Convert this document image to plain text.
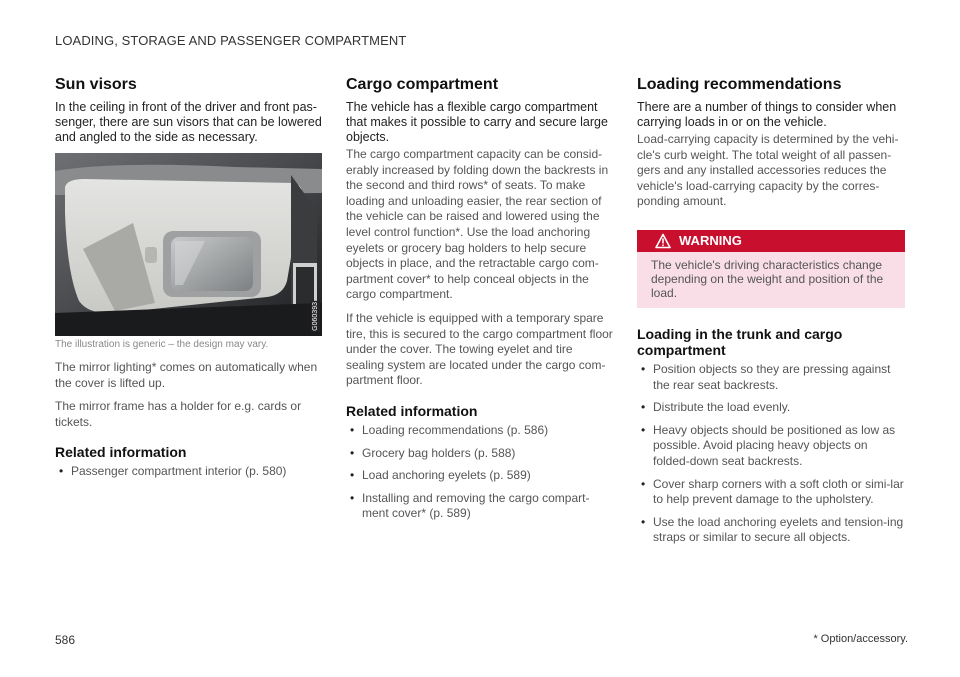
LOADING, STORAGE AND PASSENGER COMPARTMENT
Sun visors

In the ceiling in front of the driver and front pas-senger, there are sun visors that can be lowered and angled to the side as necessary.

G060393

The illustration is generic – the design may vary.

The mirror lighting* comes on automatically when the cover is lifted up.

The mirror frame has a holder for e.g. cards or tickets.

Related information
• Passenger compartment interior (p. 580)
Cargo compartment

The vehicle has a flexible cargo compartment that makes it possible to carry and secure large objects.

The cargo compartment capacity can be consid-erably increased by folding down the backrests in the second and third rows* of seats. To make loading and unloading easier, the rear section of the vehicle can be raised and lowered using the level control function*. Use the load anchoring eyelets or grocery bag holders to help secure objects in place, and the retractable cargo com-partment cover* to help conceal objects in the cargo compartment.

If the vehicle is equipped with a temporary spare tire, this is secured to the cargo compartment floor under the cover. The towing eyelet and tire sealing system are located under the cargo com-partment floor.

Related information
• Loading recommendations (p. 586)
• Grocery bag holders (p. 588)
• Load anchoring eyelets (p. 589)
• Installing and removing the cargo compart-ment cover* (p. 589)
Loading recommendations

There are a number of things to consider when carrying loads in or on the vehicle.

Load-carrying capacity is determined by the vehi-cle's curb weight. The total weight of all passen-gers and any installed accessories reduces the vehicle's load-carrying capacity by the corres-ponding amount.

WARNING
The vehicle's driving characteristics change depending on the weight and position of the load.
Loading in the trunk and cargo compartment
• Position objects so they are pressing against the rear seat backrests.
• Distribute the load evenly.
• Heavy objects should be positioned as low as possible. Avoid placing heavy objects on folded-down seat backrests.
• Cover sharp corners with a soft cloth or simi-lar to help prevent damage to the upholstery.
• Use the load anchoring eyelets and tension-ing straps or similar to secure all objects.
586	* Option/accessory.
